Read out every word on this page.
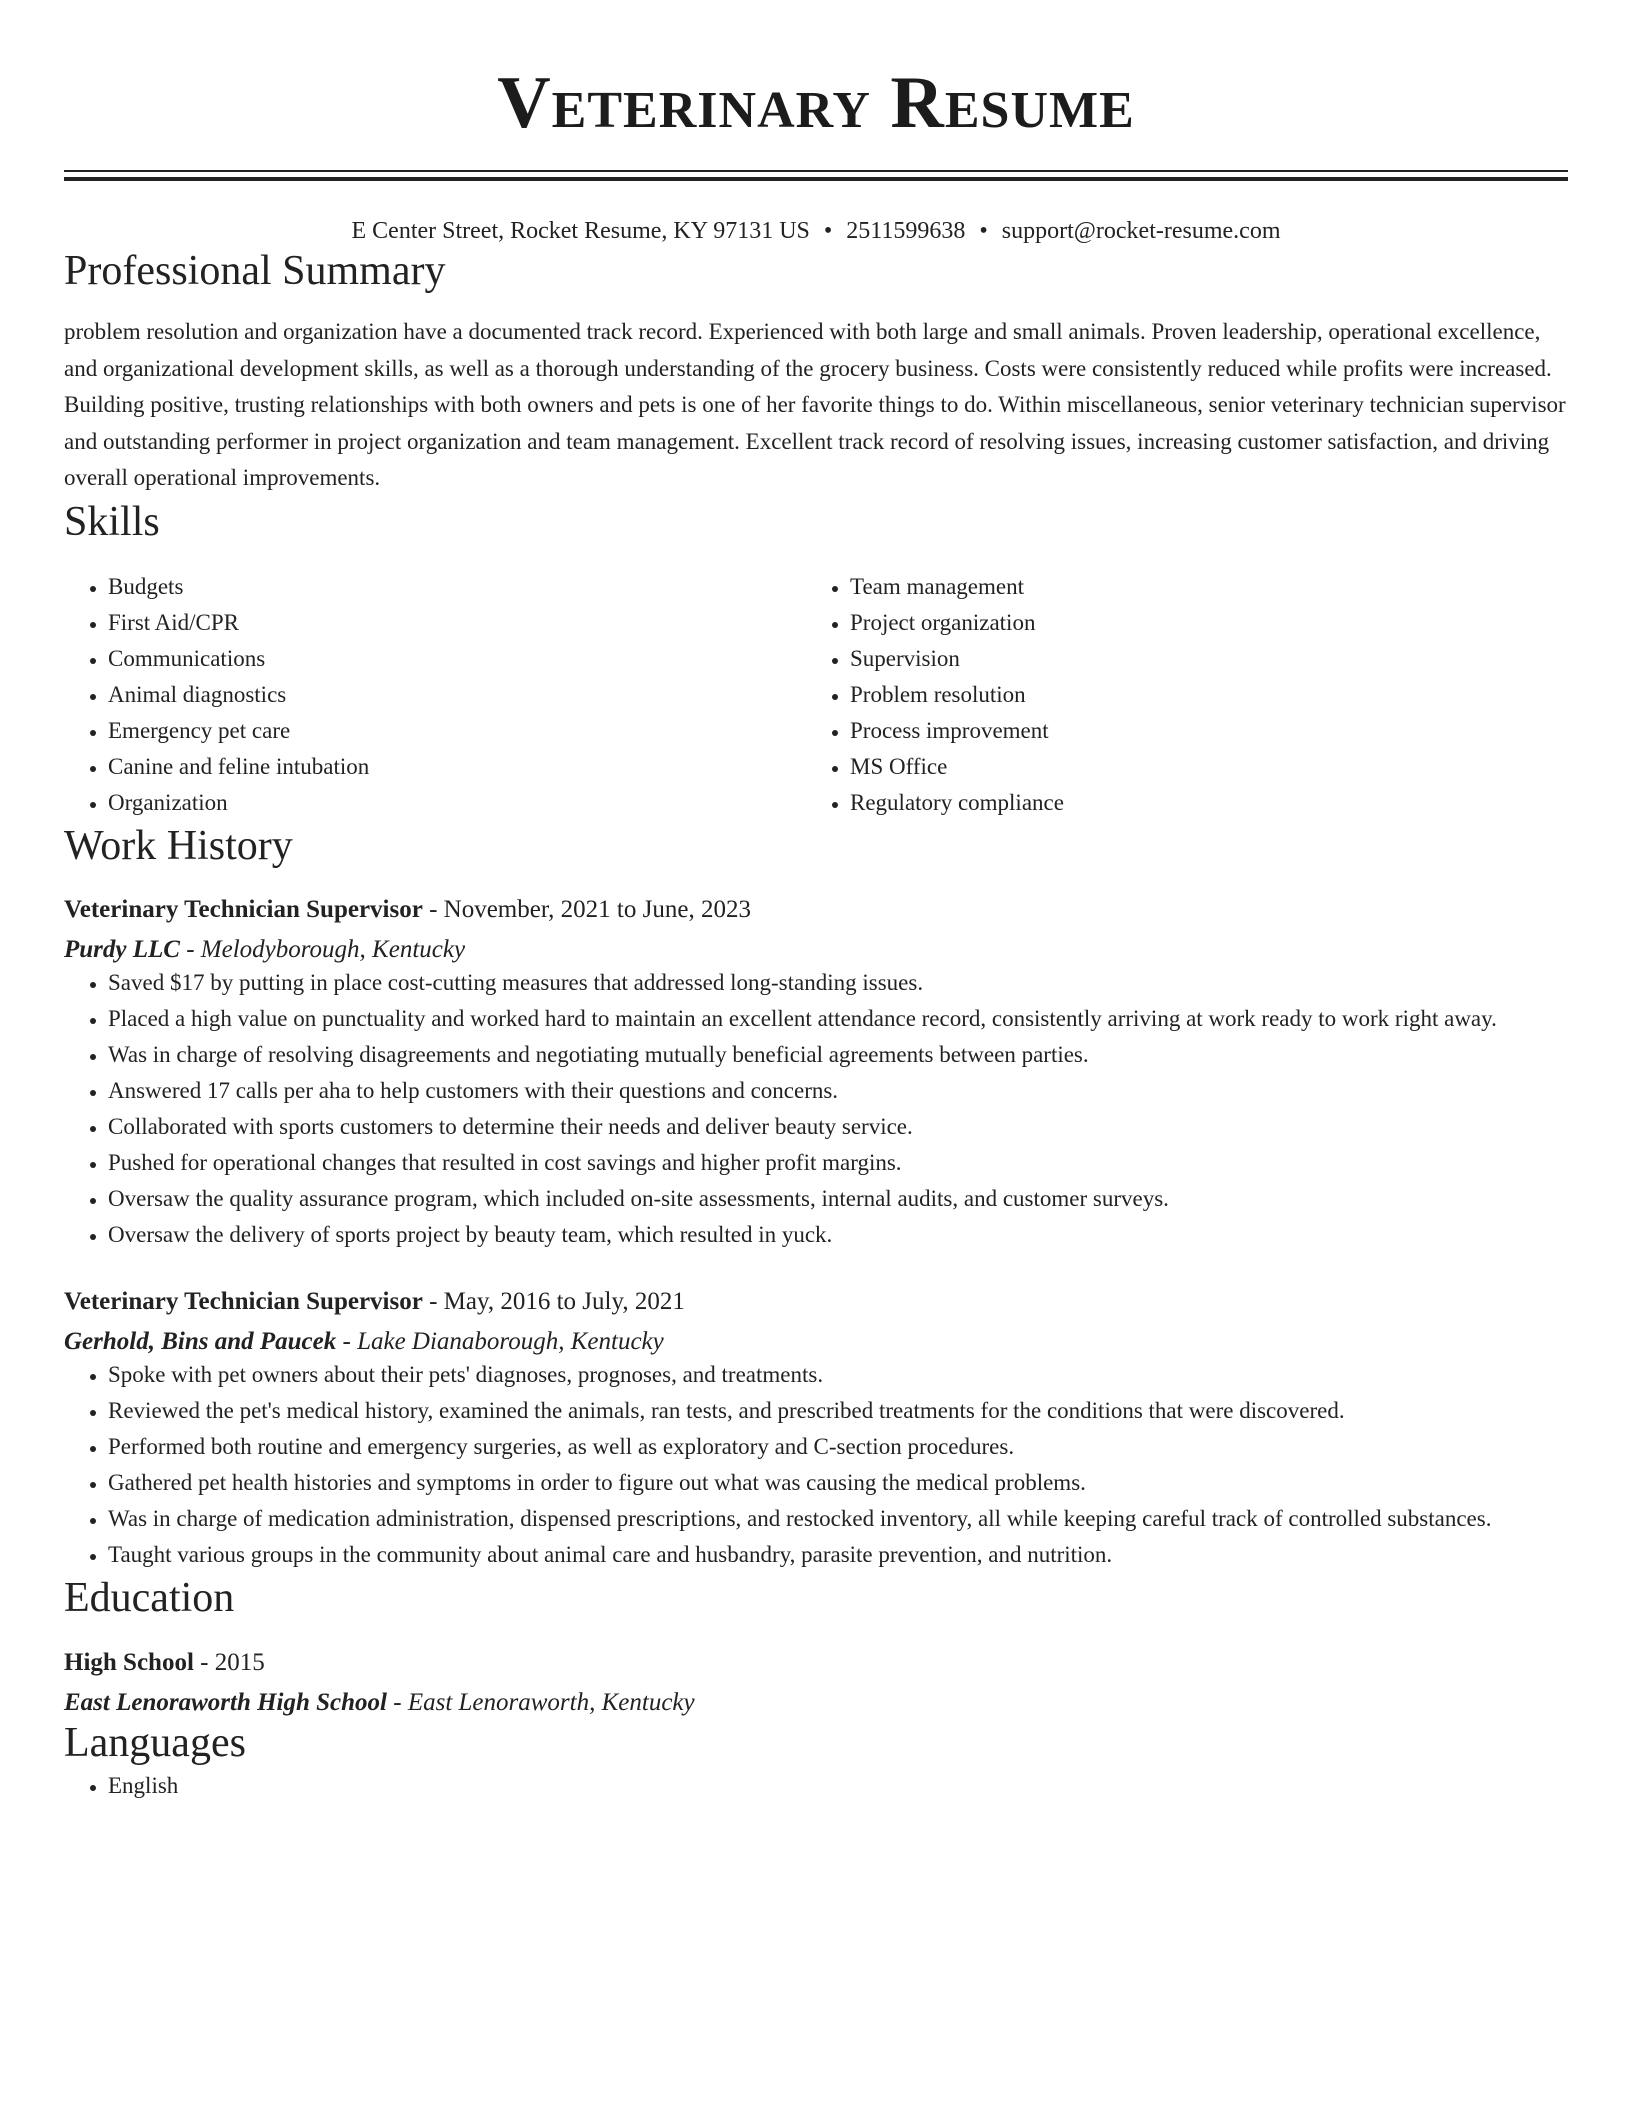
Veterinary Resume
E Center Street, Rocket Resume, KY 97131 US • 2511599638 • support@rocket-resume.com
Professional Summary

problem resolution and organization have a documented track record. Experienced with both large and small animals. Proven leadership, operational excellence, and organizational development skills, as well as a thorough understanding of the grocery business. Costs were consistently reduced while profits were increased. Building positive, trusting relationships with both owners and pets is one of her favorite things to do. Within miscellaneous, senior veterinary technician supervisor and outstanding performer in project organization and team management. Excellent track record of resolving issues, increasing customer satisfaction, and driving overall operational improvements.

Skills
• Budgets
• First Aid/CPR
• Communications
• Animal diagnostics
• Emergency pet care
• Canine and feline intubation
• Organization
• Team management
• Project organization
• Supervision
• Problem resolution
• Process improvement
• MS Office
• Regulatory compliance
Work History
Veterinary Technician Supervisor - November, 2021 to June, 2023
Purdy LLC - Melodyborough, Kentucky
• Saved $17 by putting in place cost-cutting measures that addressed long-standing issues.
• Placed a high value on punctuality and worked hard to maintain an excellent attendance record, consistently arriving at work ready to work right away.
• Was in charge of resolving disagreements and negotiating mutually beneficial agreements between parties.
• Answered 17 calls per aha to help customers with their questions and concerns.
• Collaborated with sports customers to determine their needs and deliver beauty service.
• Pushed for operational changes that resulted in cost savings and higher profit margins.
• Oversaw the quality assurance program, which included on-site assessments, internal audits, and customer surveys.
• Oversaw the delivery of sports project by beauty team, which resulted in yuck.
Veterinary Technician Supervisor - May, 2016 to July, 2021
Gerhold, Bins and Paucek - Lake Dianaborough, Kentucky
• Spoke with pet owners about their pets' diagnoses, prognoses, and treatments.
• Reviewed the pet's medical history, examined the animals, ran tests, and prescribed treatments for the conditions that were discovered.
• Performed both routine and emergency surgeries, as well as exploratory and C-section procedures.
• Gathered pet health histories and symptoms in order to figure out what was causing the medical problems.
• Was in charge of medication administration, dispensed prescriptions, and restocked inventory, all while keeping careful track of controlled substances.
• Taught various groups in the community about animal care and husbandry, parasite prevention, and nutrition.
Education
High School - 2015
East Lenoraworth High School - East Lenoraworth, Kentucky
Languages
• English
